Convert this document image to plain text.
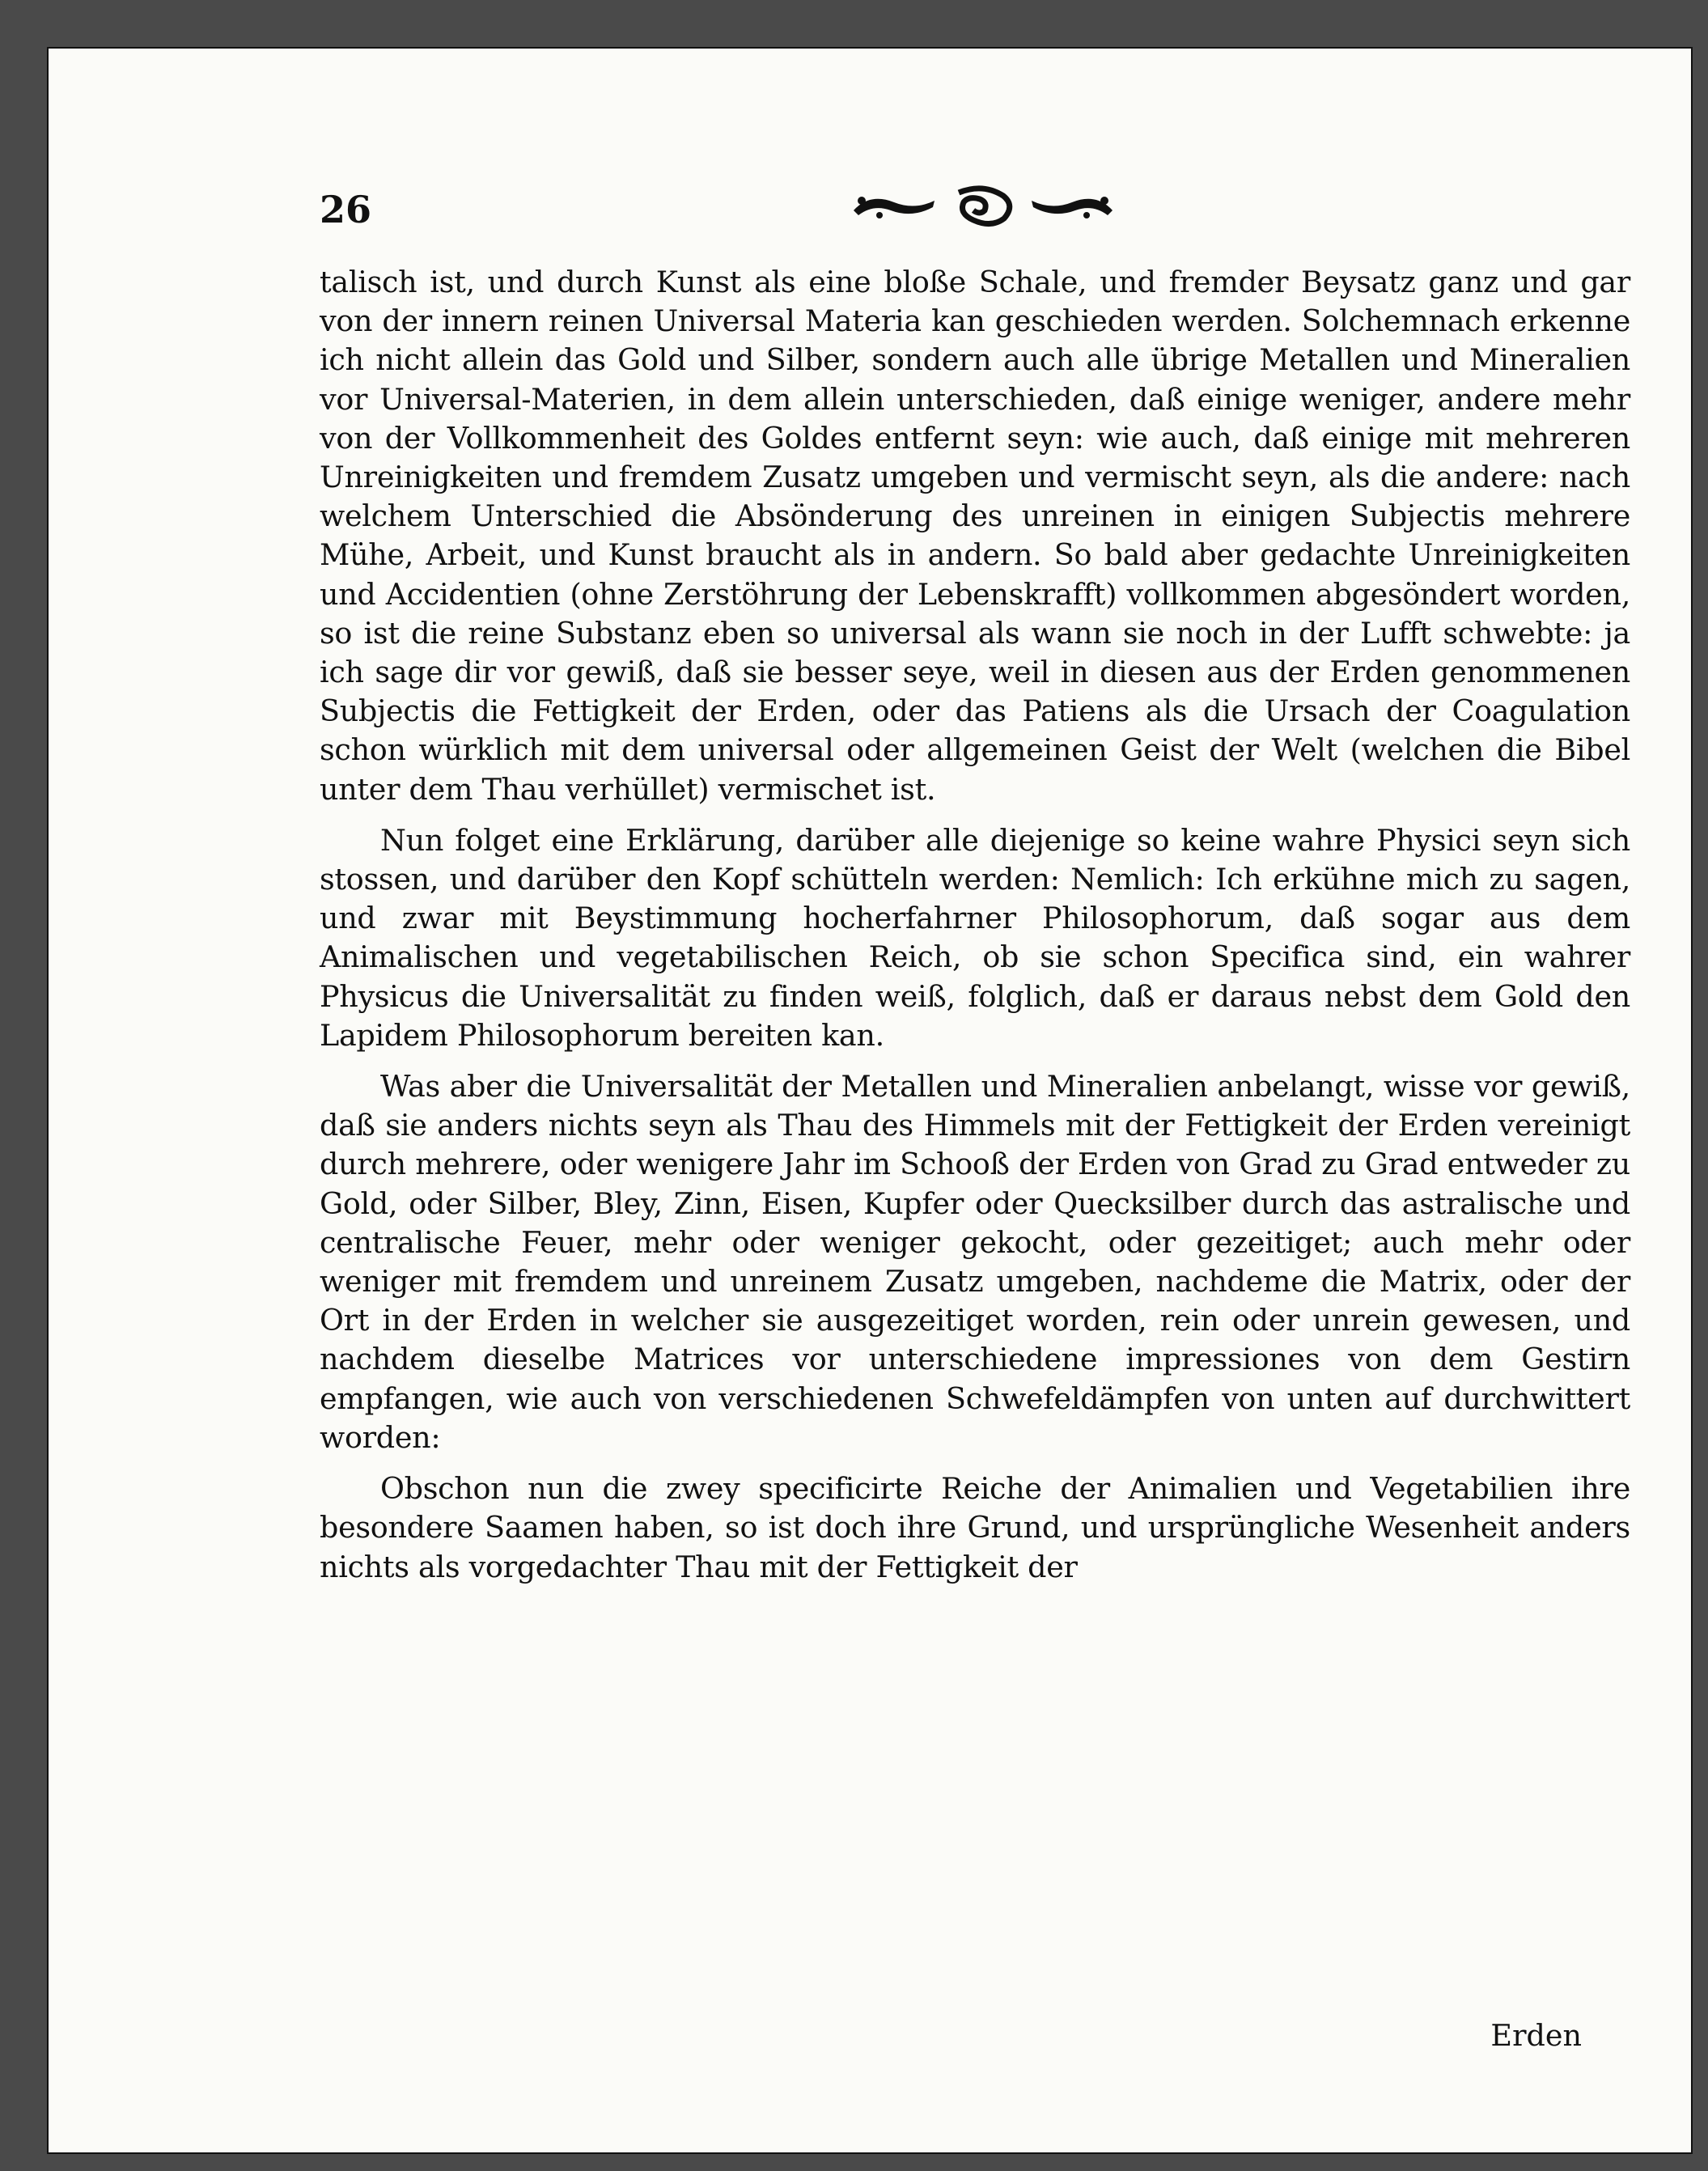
26

talisch ist, und durch Kunst als eine bloße Schale, und fremder Beysatz ganz und gar von der innern reinen Universal Materia kan geschieden werden. Solchemnach erkenne ich nicht allein das Gold und Silber, sondern auch alle übrige Metallen und Mineralien vor Universal-Materien, in dem allein unterschieden, daß einige weniger, andere mehr von der Vollkommenheit des Goldes entfernt seyn: wie auch, daß einige mit mehreren Unreinigkeiten und fremdem Zusatz umgeben und vermischt seyn, als die andere: nach welchem Unterschied die Absönderung des unreinen in einigen Subjectis mehrere Mühe, Arbeit, und Kunst braucht als in andern. So bald aber gedachte Unreinigkeiten und Accidentien (ohne Zerstöhrung der Lebenskrafft) vollkommen abgesöndert worden, so ist die reine Substanz eben so universal als wann sie noch in der Lufft schwebte: ja ich sage dir vor gewiß, daß sie besser seye, weil in diesen aus der Erden genommenen Subjectis die Fettigkeit der Erden, oder das Patiens als die Ursach der Coagulation schon würklich mit dem universal oder allgemeinen Geist der Welt (welchen die Bibel unter dem Thau verhüllet) vermischet ist.

Nun folget eine Erklärung, darüber alle diejenige so keine wahre Physici seyn sich stossen, und darüber den Kopf schütteln werden: Nemlich: Ich erkühne mich zu sagen, und zwar mit Beystimmung hocherfahrner Philosophorum, daß sogar aus dem Animalischen und vegetabilischen Reich, ob sie schon Specifica sind, ein wahrer Physicus die Universalität zu finden weiß, folglich, daß er daraus nebst dem Gold den Lapidem Philosophorum bereiten kan.

Was aber die Universalität der Metallen und Mineralien anbelangt, wisse vor gewiß, daß sie anders nichts seyn als Thau des Himmels mit der Fettigkeit der Erden vereinigt durch mehrere, oder wenigere Jahr im Schooß der Erden von Grad zu Grad entweder zu Gold, oder Silber, Bley, Zinn, Eisen, Kupfer oder Quecksilber durch das astralische und centralische Feuer, mehr oder weniger gekocht, oder gezeitiget; auch mehr oder weniger mit fremdem und unreinem Zusatz umgeben, nachdeme die Matrix, oder der Ort in der Erden in welcher sie ausgezeitiget worden, rein oder unrein gewesen, und nachdem dieselbe Matrices vor unterschiedene impressiones von dem Gestirn empfangen, wie auch von verschiedenen Schwefeldämpfen von unten auf durchwittert worden:

Obschon nun die zwey specificirte Reiche der Animalien und Vegetabilien ihre besondere Saamen haben, so ist doch ihre Grund, und ursprüngliche Wesenheit anders nichts als vorgedachter Thau mit der Fettigkeit der

Erden
